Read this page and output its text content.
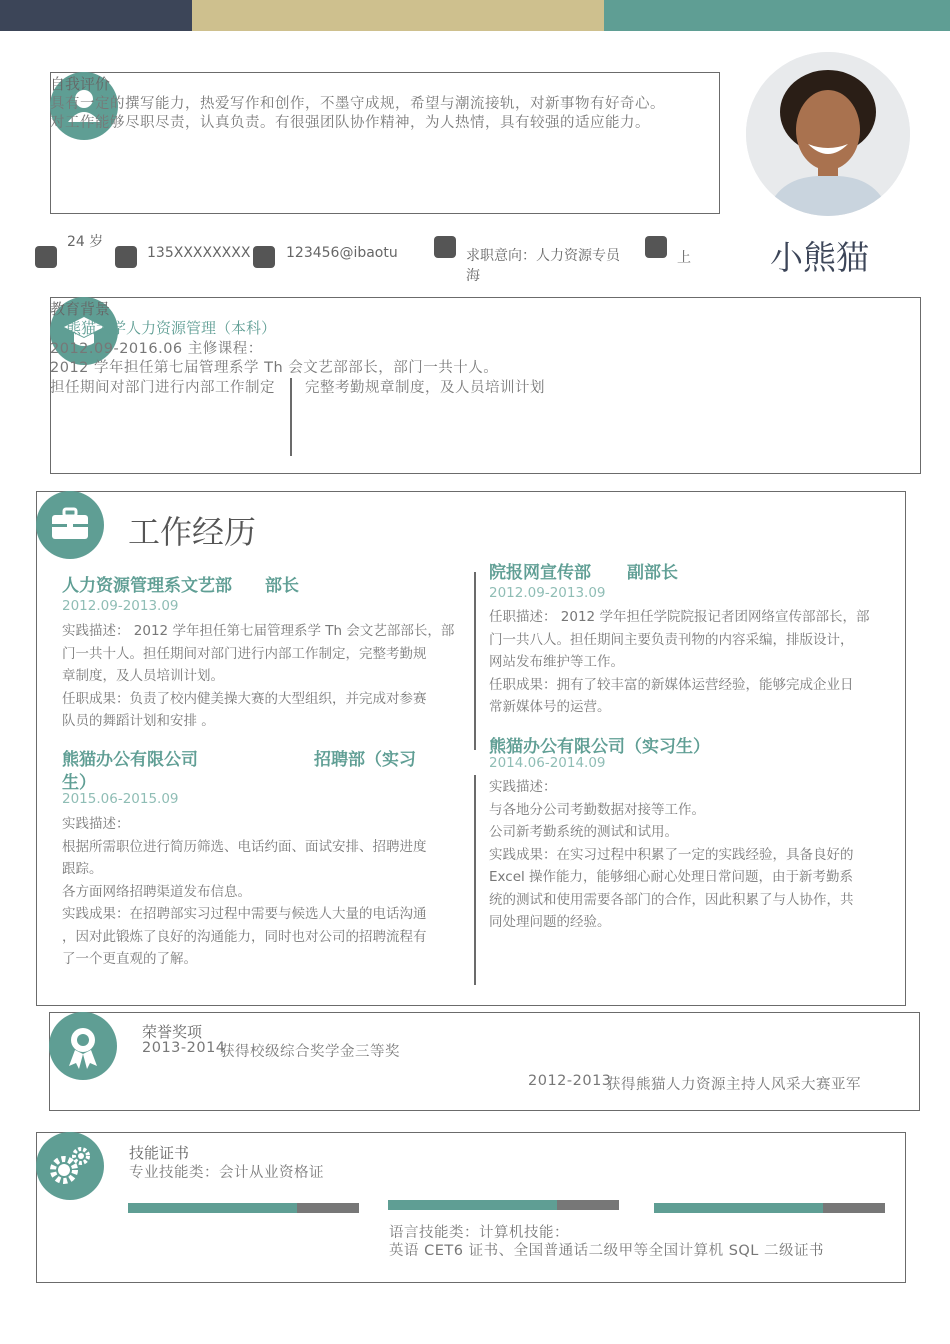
自我评价
具有一定的撰写能力，热爱写作和创作，不墨守成规，希望与潮流接轨，对新事物有好奇心。
对工作能够尽职尽责，认真负责。有很强团队协作精神，为人热情，具有较强的适应能力。
24 岁
135XXXXXXXX	123456@ibaotu	求职意向：人力资源专员
海
上 小熊猫
教育背景
熊猫大学人力资源管理（本科）
2012.09-2016.06 主修课程：
2012 学年担任第七届管理系学 Th 会文艺部部长，部门一共十人。
担任期间对部门进行内部工作制定 完整考勤规章制度，及人员培训计划
工作经历
人力资源管理系文艺部 部长
2012.09-2013.09
实践描述： 2012 学年担任第七届管理系学 Th 会文艺部部长，部
门一共十人。担任期间对部门进行内部工作制定，完整考勤规
章制度，及人员培训计划。
任职成果：负责了校内健美操大赛的大型组织，并完成对参赛
队员的舞蹈计划和安排 。
熊猫办公有限公司	招聘部（实习
生）
2015.06-2015.09
实践描述：
根据所需职位进行简历筛选、电话约面、面试安排、招聘进度
跟踪。
各方面网络招聘渠道发布信息。
实践成果：在招聘部实习过程中需要与候选人大量的电话沟通
，因对此锻炼了良好的沟通能力，同时也对公司的招聘流程有
了一个更直观的了解。
院报网宣传部 副部长
2012.09-2013.09
任职描述： 2012 学年担任学院院报记者团网络宣传部部长，部
门一共八人。担任期间主要负责刊物的内容采编，排版设计，
网站发布维护等工作。
任职成果：拥有了较丰富的新媒体运营经验，能够完成企业日
常新媒体号的运营。
熊猫办公有限公司（实习生）
2014.06-2014.09
实践描述：
与各地分公司考勤数据对接等工作。
公司新考勤系统的测试和试用。
实践成果：在实习过程中积累了一定的实践经验，具备良好的
Excel 操作能力，能够细心耐心处理日常问题，由于新考勤系
统的测试和使用需要各部门的合作，因此积累了与人协作，共
同处理问题的经验。
荣誉奖项
2013-2014
获得校级综合奖学金三等奖
2012-2013
获得熊猫人力资源主持人风采大赛亚军
技能证书
专业技能类：会计从业资格证
语言技能类：计算机技能：
英语 CET6 证书、全国普通话二级甲等全国计算机 SQL 二级证书
